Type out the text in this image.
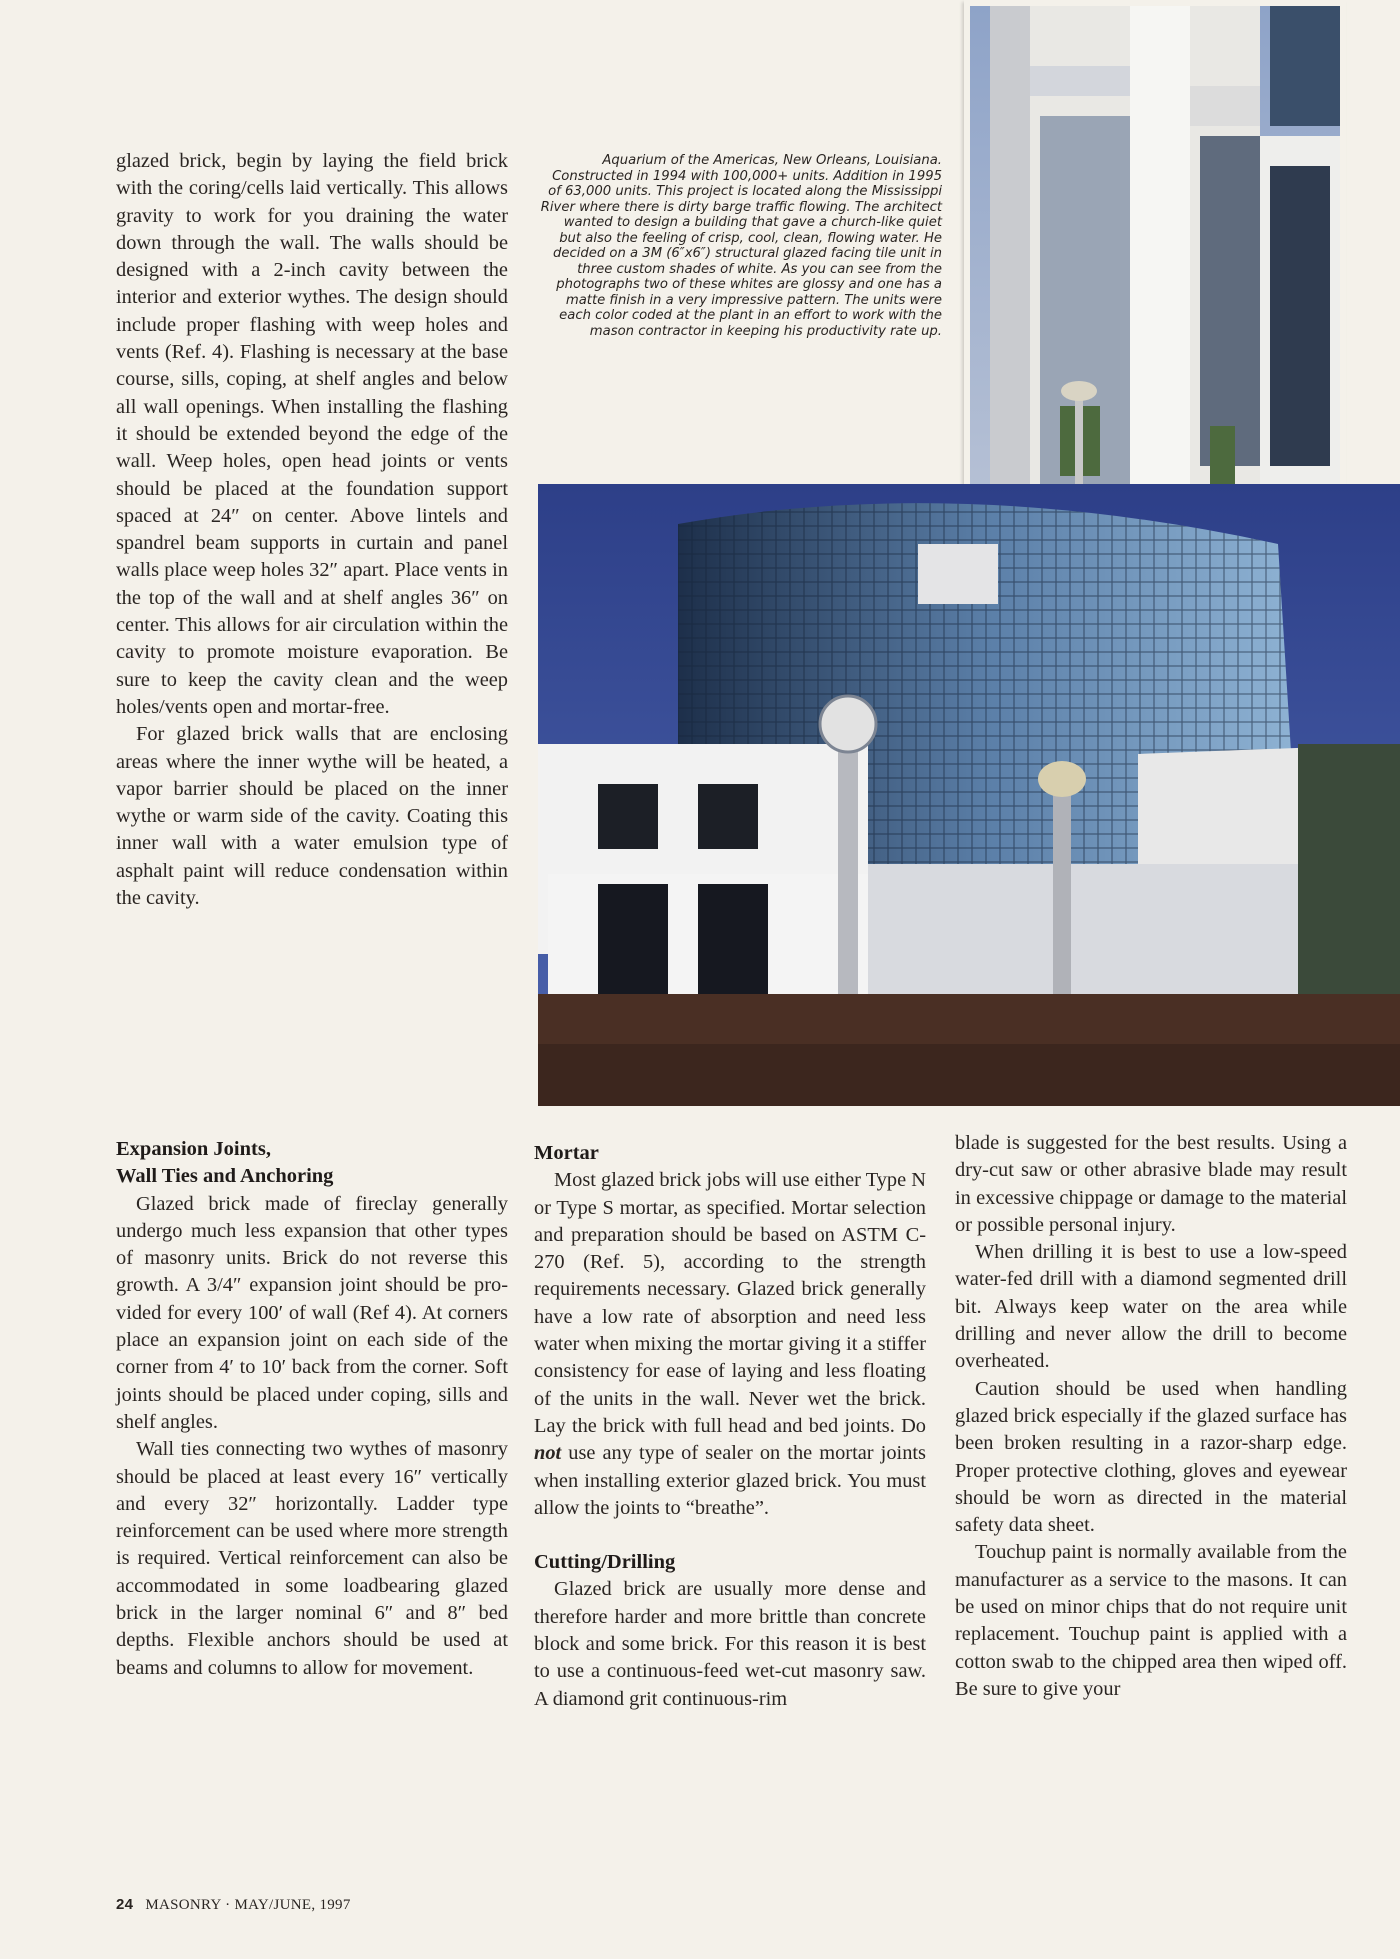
glazed brick, begin by laying the field brick with the coring/cells laid vertically. This allows gravity to work for you draining the water down through the wall. The walls should be designed with a 2-inch cavity between the interior and exterior wythes. The design should include proper flashing with weep holes and vents (Ref. 4). Flashing is necessary at the base course, sills, coping, at shelf angles and below all wall openings. When installing the flashing it should be extended beyond the edge of the wall. Weep holes, open head joints or vents should be placed at the foundation support spaced at 24″ on center. Above lintels and spandrel beam supports in curtain and panel walls place weep holes 32″ apart. Place vents in the top of the wall and at shelf angles 36″ on center. This allows for air circulation within the cavity to promote moisture evaporation. Be sure to keep the cavity clean and the weep holes/vents open and mortar-free.

For glazed brick walls that are enclosing areas where the inner wythe will be heated, a vapor barrier should be placed on the inner wythe or warm side of the cavity. Coating this inner wall with a water emulsion type of asphalt paint will reduce condensation within the cavity.

Expansion Joints,
Wall Ties and Anchoring

Glazed brick made of fireclay generally undergo much less expansion that other types of masonry units. Brick do not reverse this growth. A 3/4″ expansion joint should be provided for every 100′ of wall (Ref 4). At corners place an expansion joint on each side of the corner from 4′ to 10′ back from the corner. Soft joints should be placed under coping, sills and shelf angles.

Wall ties connecting two wythes of masonry should be placed at least every 16″ vertically and every 32″ horizontally. Ladder type reinforcement can be used where more strength is required. Vertical reinforcement can also be accommodated in some loadbearing glazed brick in the larger nominal 6″ and 8″ bed depths. Flexible anchors should be used at beams and columns to allow for movement.

Mortar

Most glazed brick jobs will use either Type N or Type S mortar, as specified. Mortar selection and preparation should be based on ASTM C-270 (Ref. 5), according to the strength requirements necessary. Glazed brick generally have a low rate of absorption and need less water when mixing the mortar giving it a stiffer consistency for ease of laying and less floating of the units in the wall. Never wet the brick. Lay the brick with full head and bed joints. Do not use any type of sealer on the mortar joints when installing exterior glazed brick. You must allow the joints to “breathe”.

Cutting/Drilling

Glazed brick are usually more dense and therefore harder and more brittle than concrete block and some brick. For this reason it is best to use a continuous-feed wet-cut masonry saw. A diamond grit continuous-rim

blade is suggested for the best results. Using a dry-cut saw or other abrasive blade may result in excessive chippage or damage to the material or possible personal injury.

When drilling it is best to use a low-speed water-fed drill with a diamond segmented drill bit. Always keep water on the area while drilling and never allow the drill to become overheated.

Caution should be used when handling glazed brick especially if the glazed surface has been broken resulting in a razor-sharp edge. Proper protective clothing, gloves and eyewear should be worn as directed in the material safety data sheet.

Touchup paint is normally available from the manufacturer as a service to the masons. It can be used on minor chips that do not require unit replacement. Touchup paint is applied with a cotton swab to the chipped area then wiped off. Be sure to give your

Aquarium of the Americas, New Orleans, Louisiana. Constructed in 1994 with 100,000+ units. Addition in 1995 of 63,000 units. This project is located along the Mississippi River where there is dirty barge traffic flowing. The architect wanted to design a building that gave a church-like quiet but also the feeling of crisp, cool, clean, flowing water. He decided on a 3M (6″x6″) structural glazed facing tile unit in three custom shades of white. As you can see from the photographs two of these whites are glossy and one has a matte finish in a very impressive pattern. The units were each color coded at the plant in an effort to work with the mason contractor in keeping his productivity rate up.
24 MASONRY · MAY/JUNE, 1997
